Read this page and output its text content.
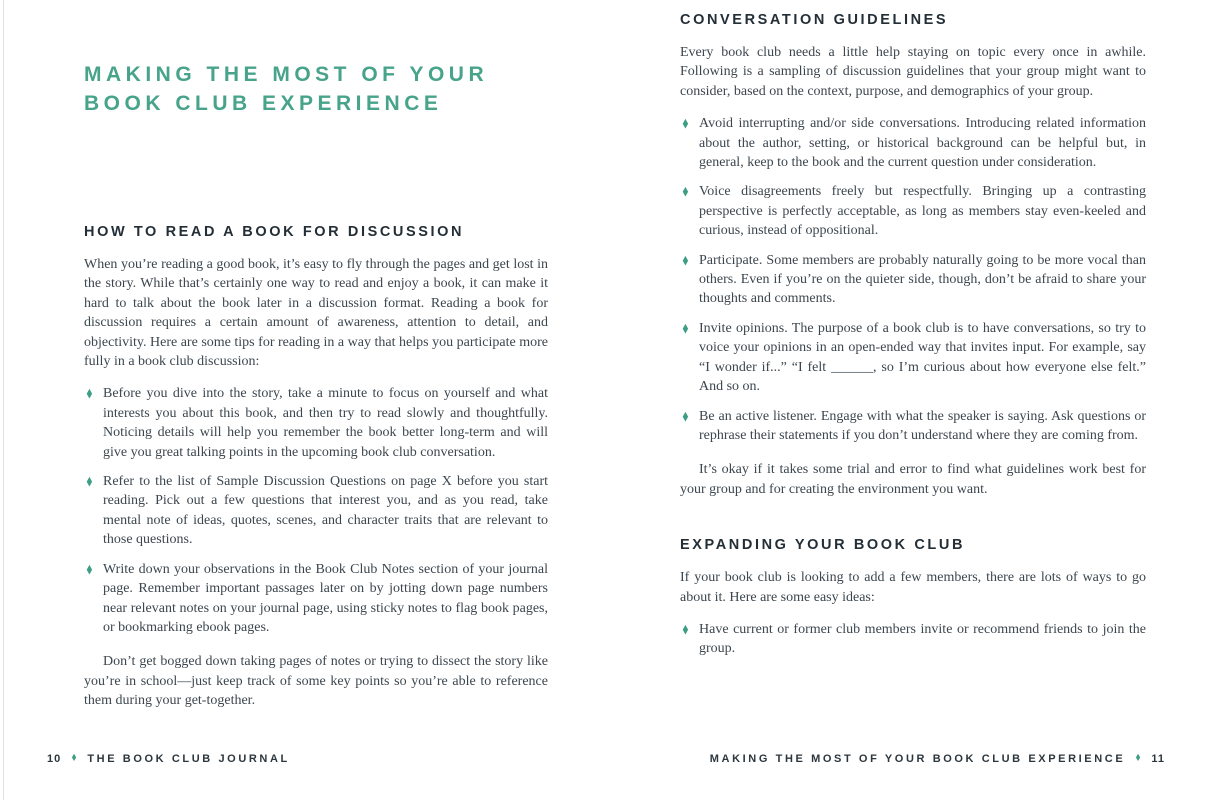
MAKING THE MOST OF YOUR
BOOK CLUB EXPERIENCE
HOW TO READ A BOOK FOR DISCUSSION

When you’re reading a good book, it’s easy to fly through the pages and get lost in the story. While that’s certainly one way to read and enjoy a book, it can make it hard to talk about the book later in a discussion format. Reading a book for discussion requires a certain amount of awareness, attention to detail, and objectivity. Here are some tips for reading in a way that helps you participate more fully in a book club discussion:

♦ Before you dive into the story, take a minute to focus on yourself and what interests you about this book, and then try to read slowly and thoughtfully. Noticing details will help you remember the book better long-term and will give you great talking points in the upcoming book club conversation.
♦ Refer to the list of Sample Discussion Questions on page X before you start reading. Pick out a few questions that interest you, and as you read, take mental note of ideas, quotes, scenes, and character traits that are relevant to those questions.
♦ Write down your observations in the Book Club Notes section of your journal page. Remember important passages later on by jotting down page numbers near relevant notes on your journal page, using sticky notes to flag book pages, or bookmarking ebook pages.

Don’t get bogged down taking pages of notes or trying to dissect the story like you’re in school—just keep track of some key points so you’re able to reference them during your get-together.

CONVERSATION GUIDELINES

Every book club needs a little help staying on topic every once in awhile. Following is a sampling of discussion guidelines that your group might want to consider, based on the context, purpose, and demographics of your group.

♦ Avoid interrupting and/or side conversations. Introducing related information about the author, setting, or historical background can be helpful but, in general, keep to the book and the current question under consideration.
♦ Voice disagreements freely but respectfully. Bringing up a contrasting perspective is perfectly acceptable, as long as members stay even-keeled and curious, instead of oppositional.
♦ Participate. Some members are probably naturally going to be more vocal than others. Even if you’re on the quieter side, though, don’t be afraid to share your thoughts and comments.
♦ Invite opinions. The purpose of a book club is to have conversations, so try to voice your opinions in an open-ended way that invites input. For example, say “I wonder if...” “I felt ______, so I’m curious about how everyone else felt.” And so on.
♦ Be an active listener. Engage with what the speaker is saying. Ask questions or rephrase their statements if you don’t understand where they are coming from.

It’s okay if it takes some trial and error to find what guidelines work best for your group and for creating the environment you want.

EXPANDING YOUR BOOK CLUB

If your book club is looking to add a few members, there are lots of ways to go about it. Here are some easy ideas:

♦ Have current or former club members invite or recommend friends to join the group.
10 ♦ THE BOOK CLUB JOURNAL	MAKING THE MOST OF YOUR BOOK CLUB EXPERIENCE ♦ 11
